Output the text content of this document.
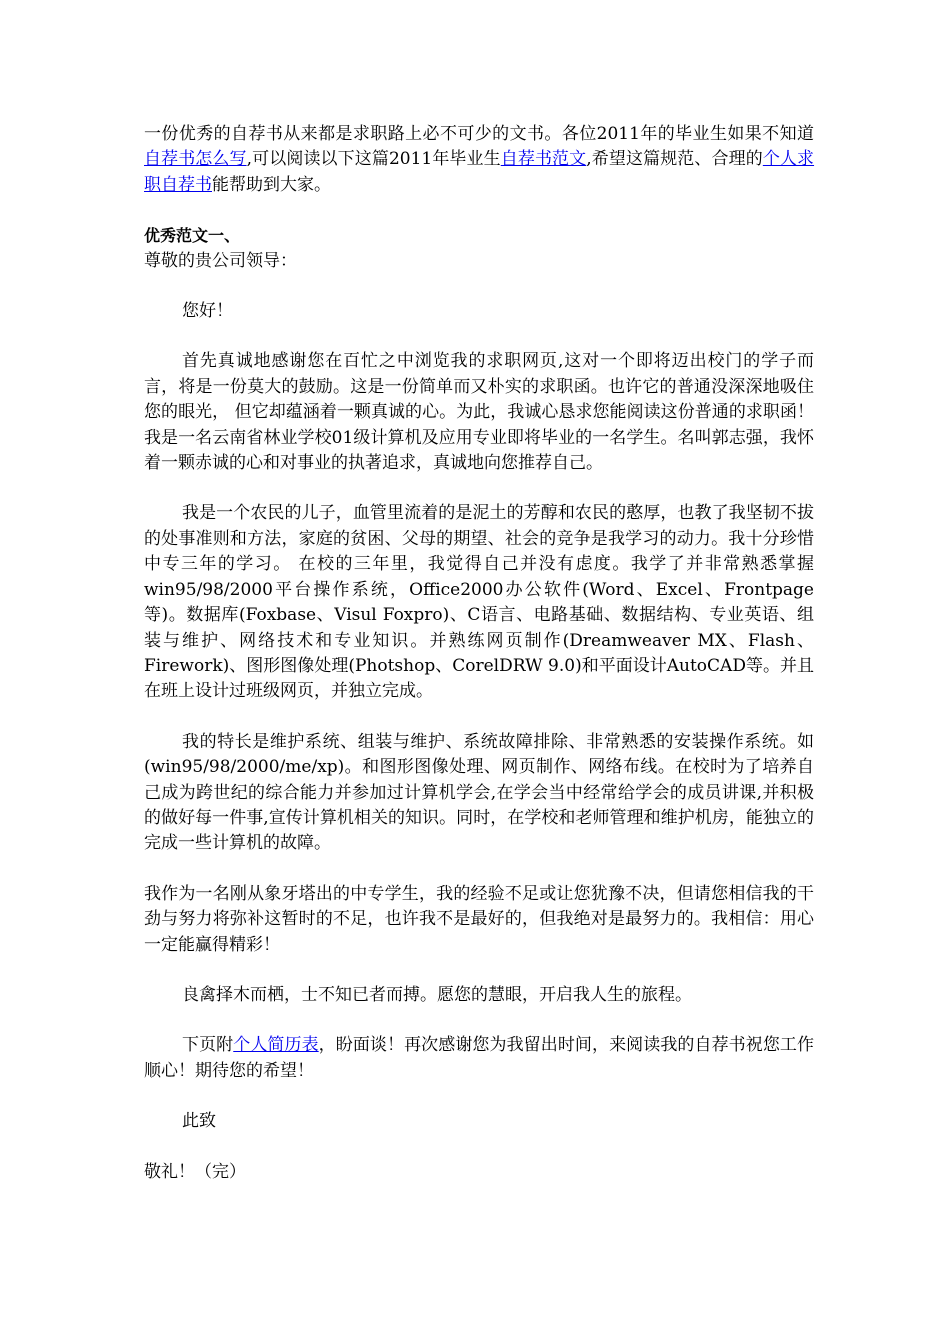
一份优秀的自荐书从来都是求职路上必不可少的文书。各位2011年的毕业生如果不知道自荐书怎么写,可以阅读以下这篇2011年毕业生自荐书范文,希望这篇规范、合理的个人求职自荐书能帮助到大家。

优秀范文一、

尊敬的贵公司领导：

您好！

首先真诚地感谢您在百忙之中浏览我的求职网页,这对一个即将迈出校门的学子而言，将是一份莫大的鼓励。这是一份简单而又朴实的求职函。也许它的普通没深深地吸住您的眼光， 但它却蕴涵着一颗真诚的心。为此，我诚心恳求您能阅读这份普通的求职函！ 我是一名云南省林业学校01级计算机及应用专业即将毕业的一名学生。名叫郭志强，我怀着一颗赤诚的心和对事业的执著追求，真诚地向您推荐自己。

我是一个农民的儿子，血管里流着的是泥土的芳醇和农民的憨厚，也教了我坚韧不拔的处事准则和方法，家庭的贫困、父母的期望、社会的竞争是我学习的动力。我十分珍惜中专三年的学习。 在校的三年里，我觉得自己并没有虑度。我学了并非常熟悉掌握win95/98/2000平台操作系统，Office2000办公软件(Word、Excel、Frontpage等)。数据库(Foxbase、Visul Foxpro)、C语言、电路基础、数据结构、专业英语、组装与维护、网络技术和专业知识。并熟练网页制作(Dreamweaver MX、Flash、Firework)、图形图像处理(Photshop、CorelDRW 9.0)和平面设计AutoCAD等。并且在班上设计过班级网页，并独立完成。

我的特长是维护系统、组装与维护、系统故障排除、非常熟悉的安装操作系统。如(win95/98/2000/me/xp)。和图形图像处理、网页制作、网络布线。在校时为了培养自己成为跨世纪的综合能力并参加过计算机学会,在学会当中经常给学会的成员讲课,并积极的做好每一件事,宣传计算机相关的知识。同时，在学校和老师管理和维护机房，能独立的完成一些计算机的故障。

我作为一名刚从象牙塔出的中专学生，我的经验不足或让您犹豫不决，但请您相信我的干劲与努力将弥补这暂时的不足，也许我不是最好的，但我绝对是最努力的。我相信：用心一定能赢得精彩！

良禽择木而栖，士不知已者而搏。愿您的慧眼，开启我人生的旅程。

下页附个人简历表，盼面谈！再次感谢您为我留出时间，来阅读我的自荐书祝您工作顺心！期待您的希望！

此致

敬礼！（完）
